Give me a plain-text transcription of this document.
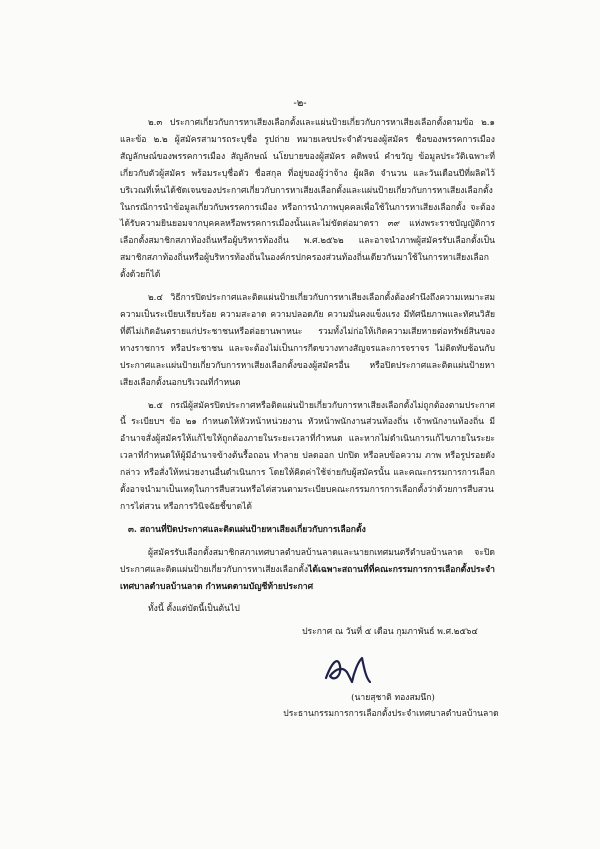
-๒-

๒.๓ ประกาศเกี่ยวกับการหาเสียงเลือกตั้งและแผ่นป้ายเกี่ยวกับการหาเสียงเลือกตั้งตามข้อ ๒.๑ และข้อ ๒.๒ ผู้สมัครสามารถระบุชื่อ รูปถ่าย หมายเลขประจำตัวของผู้สมัคร ชื่อของพรรคการเมืองสัญลักษณ์ของพรรคการเมือง สัญลักษณ์ นโยบายของผู้สมัคร คติพจน์ คำขวัญ ข้อมูลประวัติเฉพาะที่เกี่ยวกับตัวผู้สมัคร พร้อมระบุชื่อตัว ชื่อสกุล ที่อยู่ของผู้ว่าจ้าง ผู้ผลิต จำนวน และวันเดือนปีที่ผลิตไว้บริเวณที่เห็นได้ชัดเจนของประกาศเกี่ยวกับการหาเสียงเลือกตั้งและแผ่นป้ายเกี่ยวกับการหาเสียงเลือกตั้งในกรณีการนำข้อมูลเกี่ยวกับพรรคการเมือง หรือการนำภาพบุคคลเพื่อใช้ในการหาเสียงเลือกตั้ง จะต้องได้รับความยินยอมจากบุคคลหรือพรรคการเมืองนั้นและไม่ขัดต่อมาตรา ๓๙ แห่งพระราชบัญญัติการเลือกตั้งสมาชิกสภาท้องถิ่นหรือผู้บริหารท้องถิ่น พ.ศ.๒๕๖๒ และอาจนำภาพผู้สมัครรับเลือกตั้งเป็นสมาชิกสภาท้องถิ่นหรือผู้บริหารท้องถิ่นในองค์กรปกครองส่วนท้องถิ่นเดียวกันมาใช้ในการหาเสียงเลือกตั้งด้วยก็ได้

๒.๔ วิธีการปิดประกาศและติดแผ่นป้ายเกี่ยวกับการหาเสียงเลือกตั้งต้องคำนึงถึงความเหมาะสม ความเป็นระเบียบเรียบร้อย ความสะอาด ความปลอดภัย ความมั่นคงแข็งแรง มีทัศนียภาพและทัศนวิสัยที่ดีไม่เกิดอันตรายแก่ประชาชนหรือต่อยานพาหนะ รวมทั้งไม่ก่อให้เกิดความเสียหายต่อทรัพย์สินของทางราชการ หรือประชาชน และจะต้องไม่เป็นการกีดขวางทางสัญจรและการจราจร ไม่ติดทับซ้อนกับประกาศและแผ่นป้ายเกี่ยวกับการหาเสียงเลือกตั้งของผู้สมัครอื่น หรือปิดประกาศและติดแผ่นป้ายหาเสียงเลือกตั้งนอกบริเวณที่กำหนด

๒.๕ กรณีผู้สมัครปิดประกาศหรือติดแผ่นป้ายเกี่ยวกับการหาเสียงเลือกตั้งไม่ถูกต้องตามประกาศนี้ ระเบียบฯ ข้อ ๒๑ กำหนดให้หัวหน้าหน่วยงาน หัวหน้าพนักงานส่วนท้องถิ่น เจ้าพนักงานท้องถิ่น มีอำนาจสั่งผู้สมัครให้แก้ไขให้ถูกต้องภายในระยะเวลาที่กำหนด และหากไม่ดำเนินการแก้ไขภายในระยะเวลาที่กำหนดให้ผู้มีอำนาจข้างต้นรื้อถอน ทำลาย ปลดออก ปกปิด หรือลบข้อความ ภาพ หรือรูปรอยดังกล่าว หรือสั่งให้หน่วยงานอื่นดำเนินการ โดยให้คิดค่าใช้จ่ายกับผู้สมัครนั้น และคณะกรรมการการเลือกตั้งอาจนำมาเป็นเหตุในการสืบสวนหรือไต่สวนตามระเบียบคณะกรรมการการเลือกตั้งว่าด้วยการสืบสวน การไต่สวน หรือการวินิจฉัยชี้ขาดได้

๓. สถานที่ปิดประกาศและติดแผ่นป้ายหาเสียงเกี่ยวกับการเลือกตั้ง

ผู้สมัครรับเลือกตั้งสมาชิกสภาเทศบาลตำบลบ้านลาดและนายกเทศมนตรีตำบลบ้านลาด จะปิดประกาศและติดแผ่นป้ายเกี่ยวกับการหาเสียงเลือกตั้งได้เฉพาะสถานที่ที่คณะกรรมการการเลือกตั้งประจำเทศบาลตำบลบ้านลาด กำหนดตามบัญชีท้ายประกาศ

ทั้งนี้ ตั้งแต่บัดนี้เป็นต้นไป

ประกาศ ณ วันที่ ๕ เดือน กุมภาพันธ์ พ.ศ.๒๕๖๔
(นายสุชาติ ทองสมนึก)
ประธานกรรมการการเลือกตั้งประจำเทศบาลตำบลบ้านลาด
